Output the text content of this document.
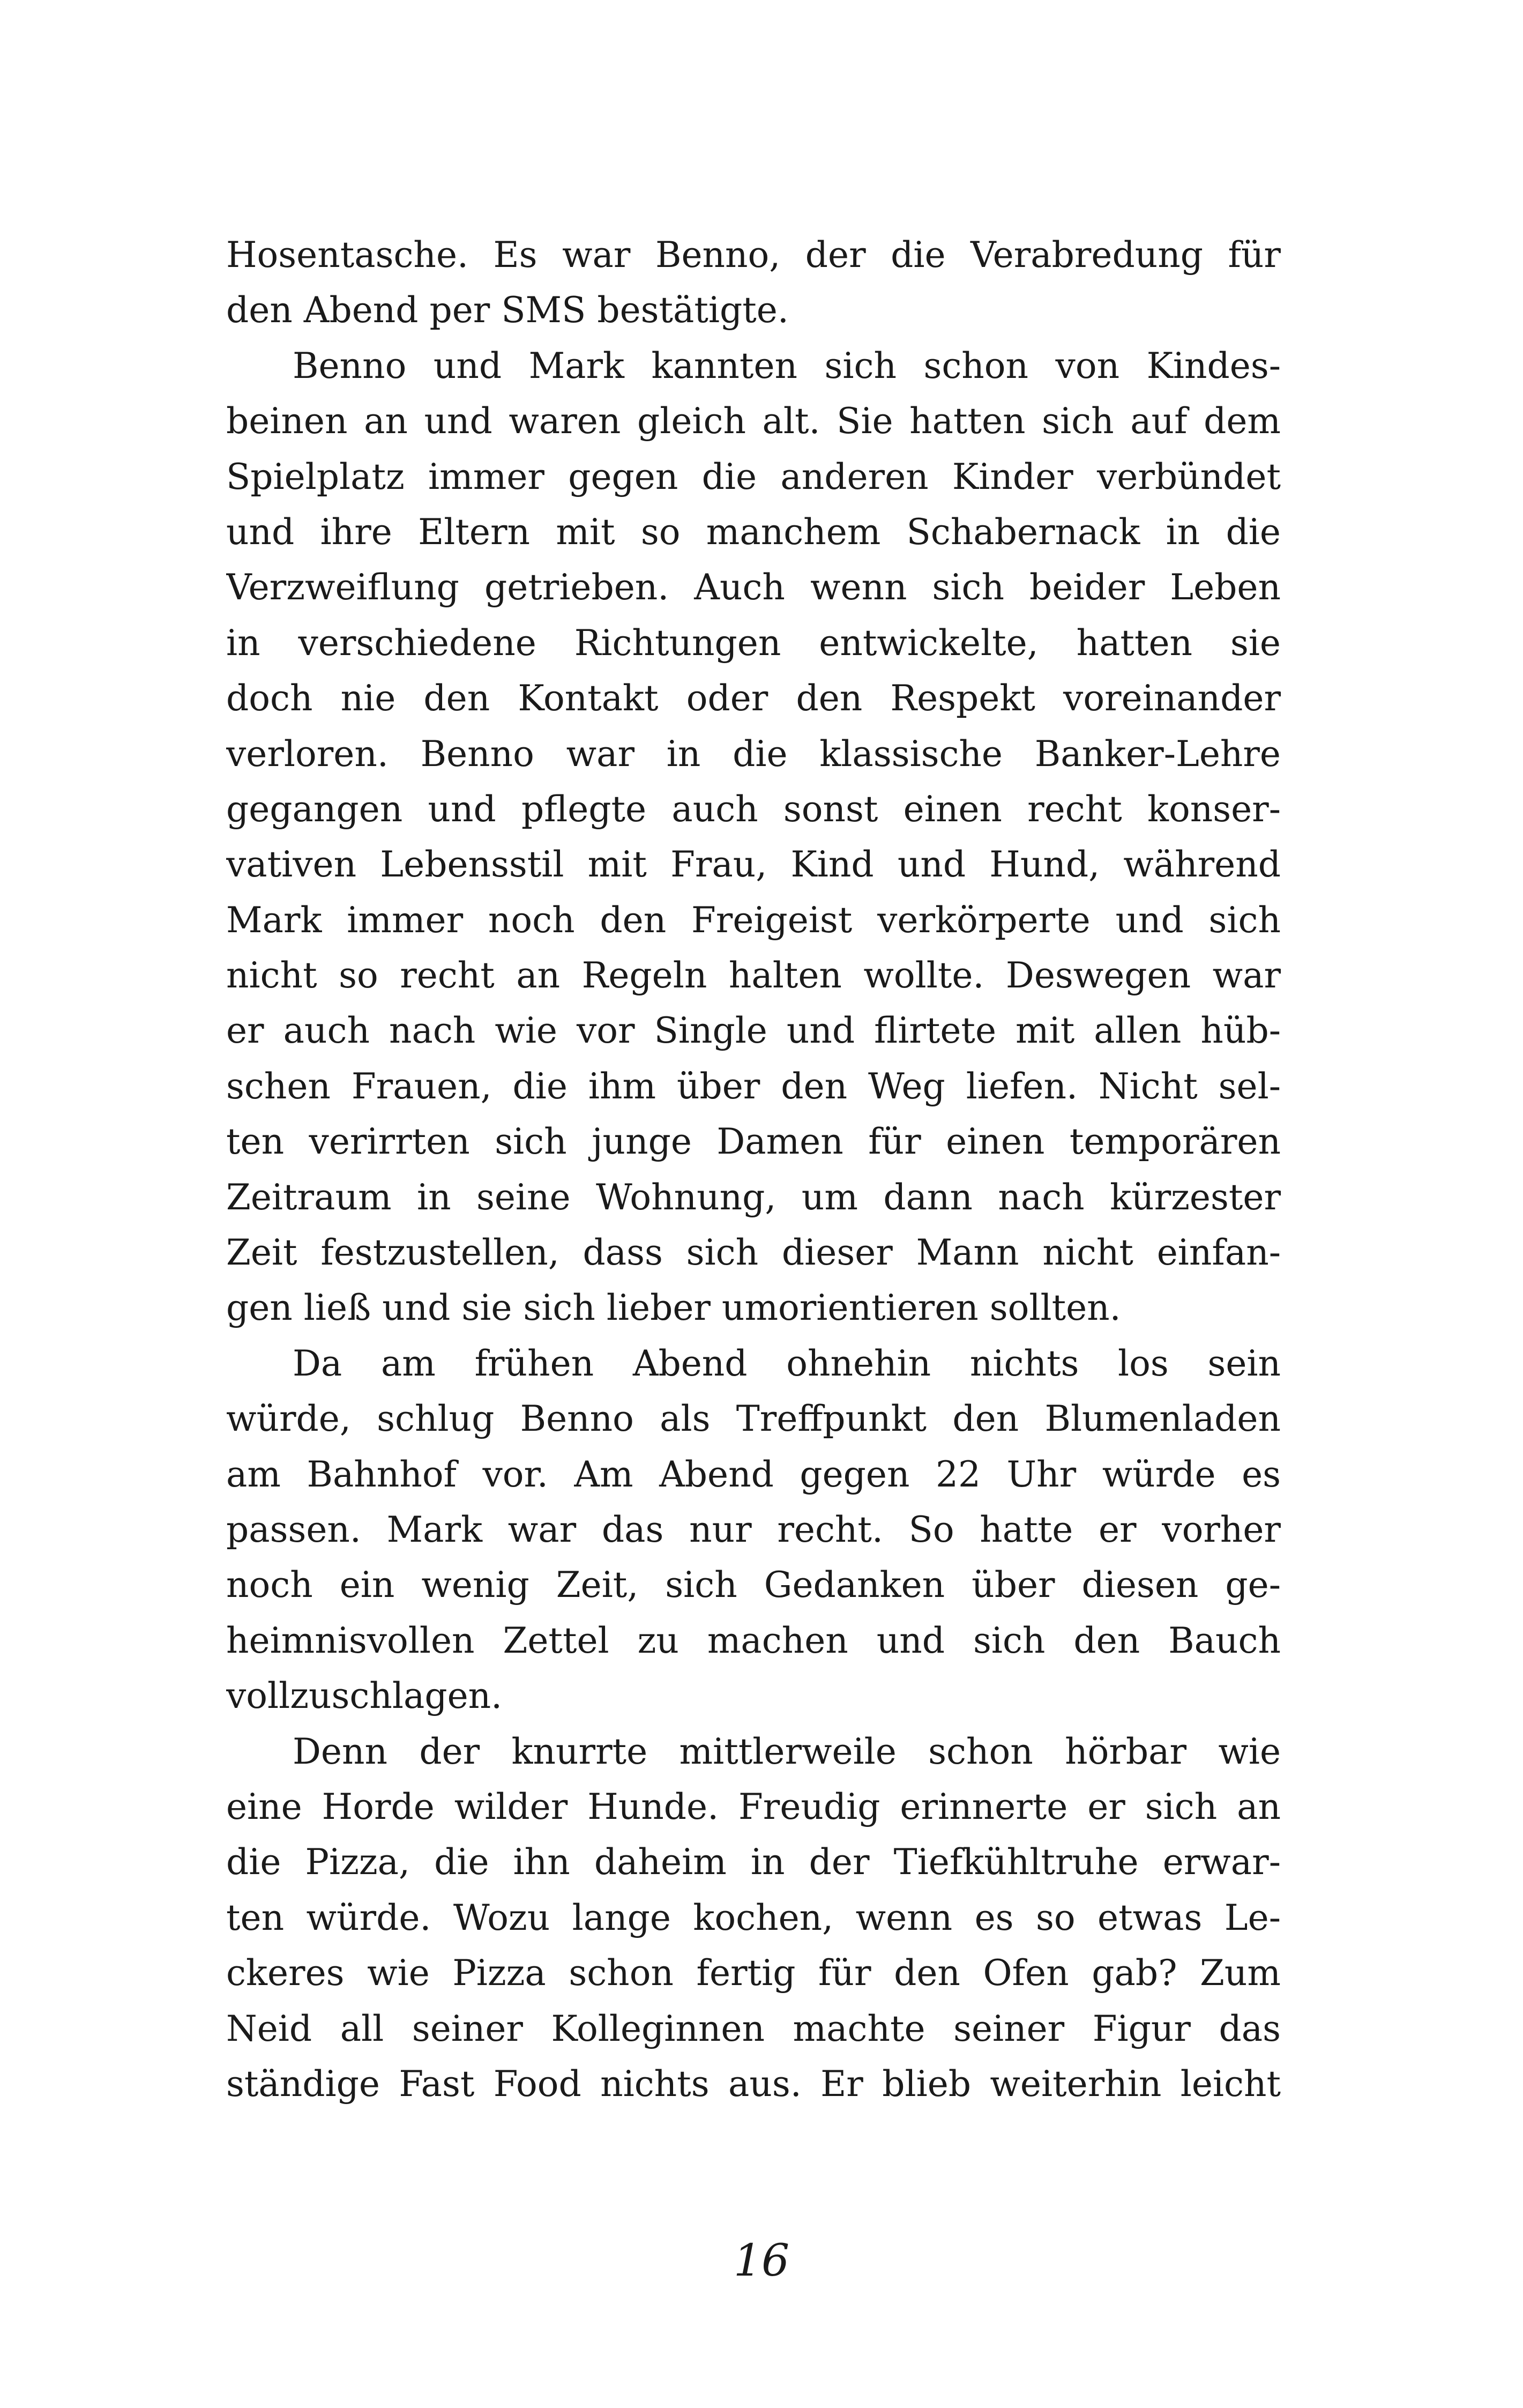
Hosentasche. Es war Benno, der die Verabredung für
den Abend per SMS bestätigte.
Benno und Mark kannten sich schon von Kindes-
beinen an und waren gleich alt. Sie hatten sich auf dem
Spielplatz immer gegen die anderen Kinder verbündet
und ihre Eltern mit so manchem Schabernack in die
Verzweiflung getrieben. Auch wenn sich beider Leben
in verschiedene Richtungen entwickelte, hatten sie
doch nie den Kontakt oder den Respekt voreinander
verloren. Benno war in die klassische Banker-Lehre
gegangen und pflegte auch sonst einen recht konser-
vativen Lebensstil mit Frau, Kind und Hund, während
Mark immer noch den Freigeist verkörperte und sich
nicht so recht an Regeln halten wollte. Deswegen war
er auch nach wie vor Single und flirtete mit allen hüb-
schen Frauen, die ihm über den Weg liefen. Nicht sel-
ten verirrten sich junge Damen für einen temporären
Zeitraum in seine Wohnung, um dann nach kürzester
Zeit festzustellen, dass sich dieser Mann nicht einfan-
gen ließ und sie sich lieber umorientieren sollten.
Da am frühen Abend ohnehin nichts los sein
würde, schlug Benno als Treffpunkt den Blumenladen
am Bahnhof vor. Am Abend gegen 22 Uhr würde es
passen. Mark war das nur recht. So hatte er vorher
noch ein wenig Zeit, sich Gedanken über diesen ge-
heimnisvollen Zettel zu machen und sich den Bauch
vollzuschlagen.
Denn der knurrte mittlerweile schon hörbar wie
eine Horde wilder Hunde. Freudig erinnerte er sich an
die Pizza, die ihn daheim in der Tiefkühltruhe erwar-
ten würde. Wozu lange kochen, wenn es so etwas Le-
ckeres wie Pizza schon fertig für den Ofen gab? Zum
Neid all seiner Kolleginnen machte seiner Figur das
ständige Fast Food nichts aus. Er blieb weiterhin leicht
16
